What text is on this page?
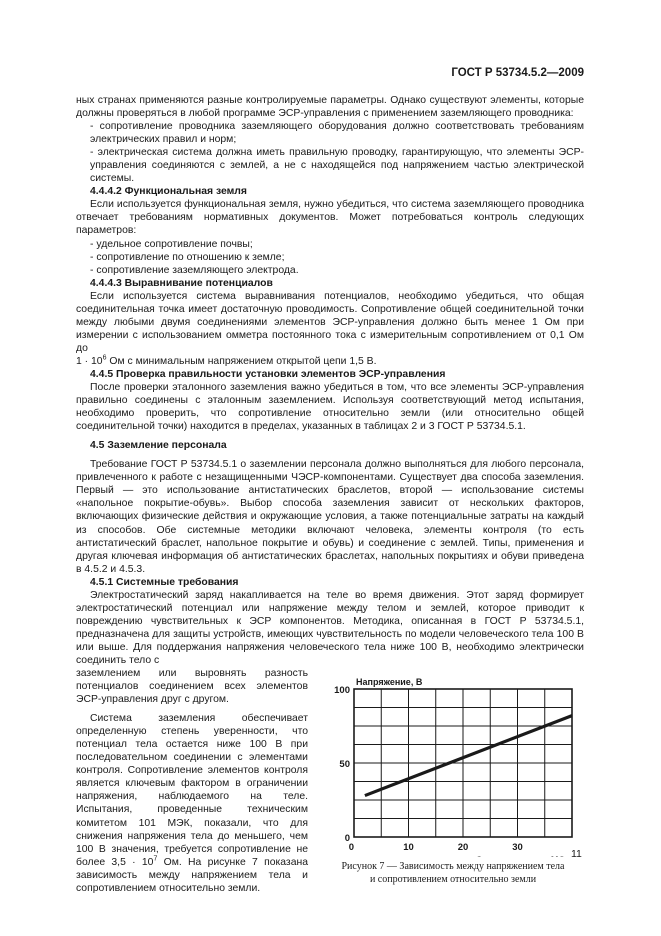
ГОСТ Р 53734.5.2—2009

ных странах применяются разные контролируемые параметры. Однако существуют элементы, которые должны проверяться в любой программе ЭСР-управления с применением заземляющего проводника:

- сопротивление проводника заземляющего оборудования должно соответствовать требованиям электрических правил и норм;

- электрическая система должна иметь правильную проводку, гарантирующую, что элементы ЭСР-управления соединяются с землей, а не с находящейся под напряжением частью электрической системы.

4.4.4.2 Функциональная земля

Если используется функциональная земля, нужно убедиться, что система заземляющего проводника отвечает требованиям нормативных документов. Может потребоваться контроль следующих параметров:

- удельное сопротивление почвы;

- сопротивление по отношению к земле;

- сопротивление заземляющего электрода.

4.4.4.3 Выравнивание потенциалов

Если используется система выравнивания потенциалов, необходимо убедиться, что общая соединительная точка имеет достаточную проводимость. Сопротивление общей соединительной точки между любыми двумя соединениями элементов ЭСР-управления должно быть менее 1 Ом при измерении с использованием омметра постоянного тока с измерительным сопротивлением от 0,1 Ом до

$1 \cdot 10^6$ Ом с минимальным напряжением открытой цепи 1,5 В.

4.4.5 Проверка правильности установки элементов ЭСР-управления

После проверки эталонного заземления важно убедиться в том, что все элементы ЭСР-управления правильно соединены с эталонным заземлением. Используя соответствующий метод испытания, необходимо проверить, что сопротивление относительно земли (или относительно общей соединительной точки) находится в пределах, указанных в таблицах 2 и 3 ГОСТ Р 53734.5.1.

4.5 Заземление персонала

Требование ГОСТ Р 53734.5.1 о заземлении персонала должно выполняться для любого персонала, привлеченного к работе с незащищенными ЧЭСР-компонентами. Существует два способа заземления. Первый — это использование антистатических браслетов, второй — использование системы «напольное покрытие-обувь». Выбор способа заземления зависит от нескольких факторов, включающих физические действия и окружающие условия, а также потенциальные затраты на каждый из способов. Обе системные методики включают человека, элементы контроля (то есть антистатический браслет, напольное покрытие и обувь) и соединение с землей. Типы, применения и другая ключевая информация об антистатических браслетах, напольных покрытиях и обуви приведена в 4.5.2 и 4.5.3.

4.5.1 Системные требования

Электростатический заряд накапливается на теле во время движения. Этот заряд формирует электростатический потенциал или напряжение между телом и землей, которое приводит к повреждению чувствительных к ЭСР компонентов. Методика, описанная в ГОСТ Р 53734.5.1, предназначена для защиты устройств, имеющих чувствительность по модели человеческого тела 100 В или выше. Для поддержания напряжения человеческого тела ниже 100 В, необходимо электрически соединить тело с

заземлением или выровнять разность потенциалов соединением всех элементов ЭСР-управления друг с другом.

Система заземления обеспечивает определенную степень уверенности, что потенциал тела остается ниже 100 В при последовательном соединении с элементами контроля. Сопротивление элементов контроля является ключевым фактором в ограничении напряжения, наблюдаемого на теле. Испытания, проведенные техническим комитетом 101 МЭК, показали, что для снижения напряжения тела до меньшего, чем 100 В значения, требуется сопротивление не более $3,5 \cdot 10^7$ Ом. На рисунке 7 показана зависимость между напряжением тела и сопротивлением относительно земли.

0
50
100
0	10	20	30
Напряжение, В
Рисунок 7 — Зависимость между напряжением тела
и сопротивлением относительно земли
11
